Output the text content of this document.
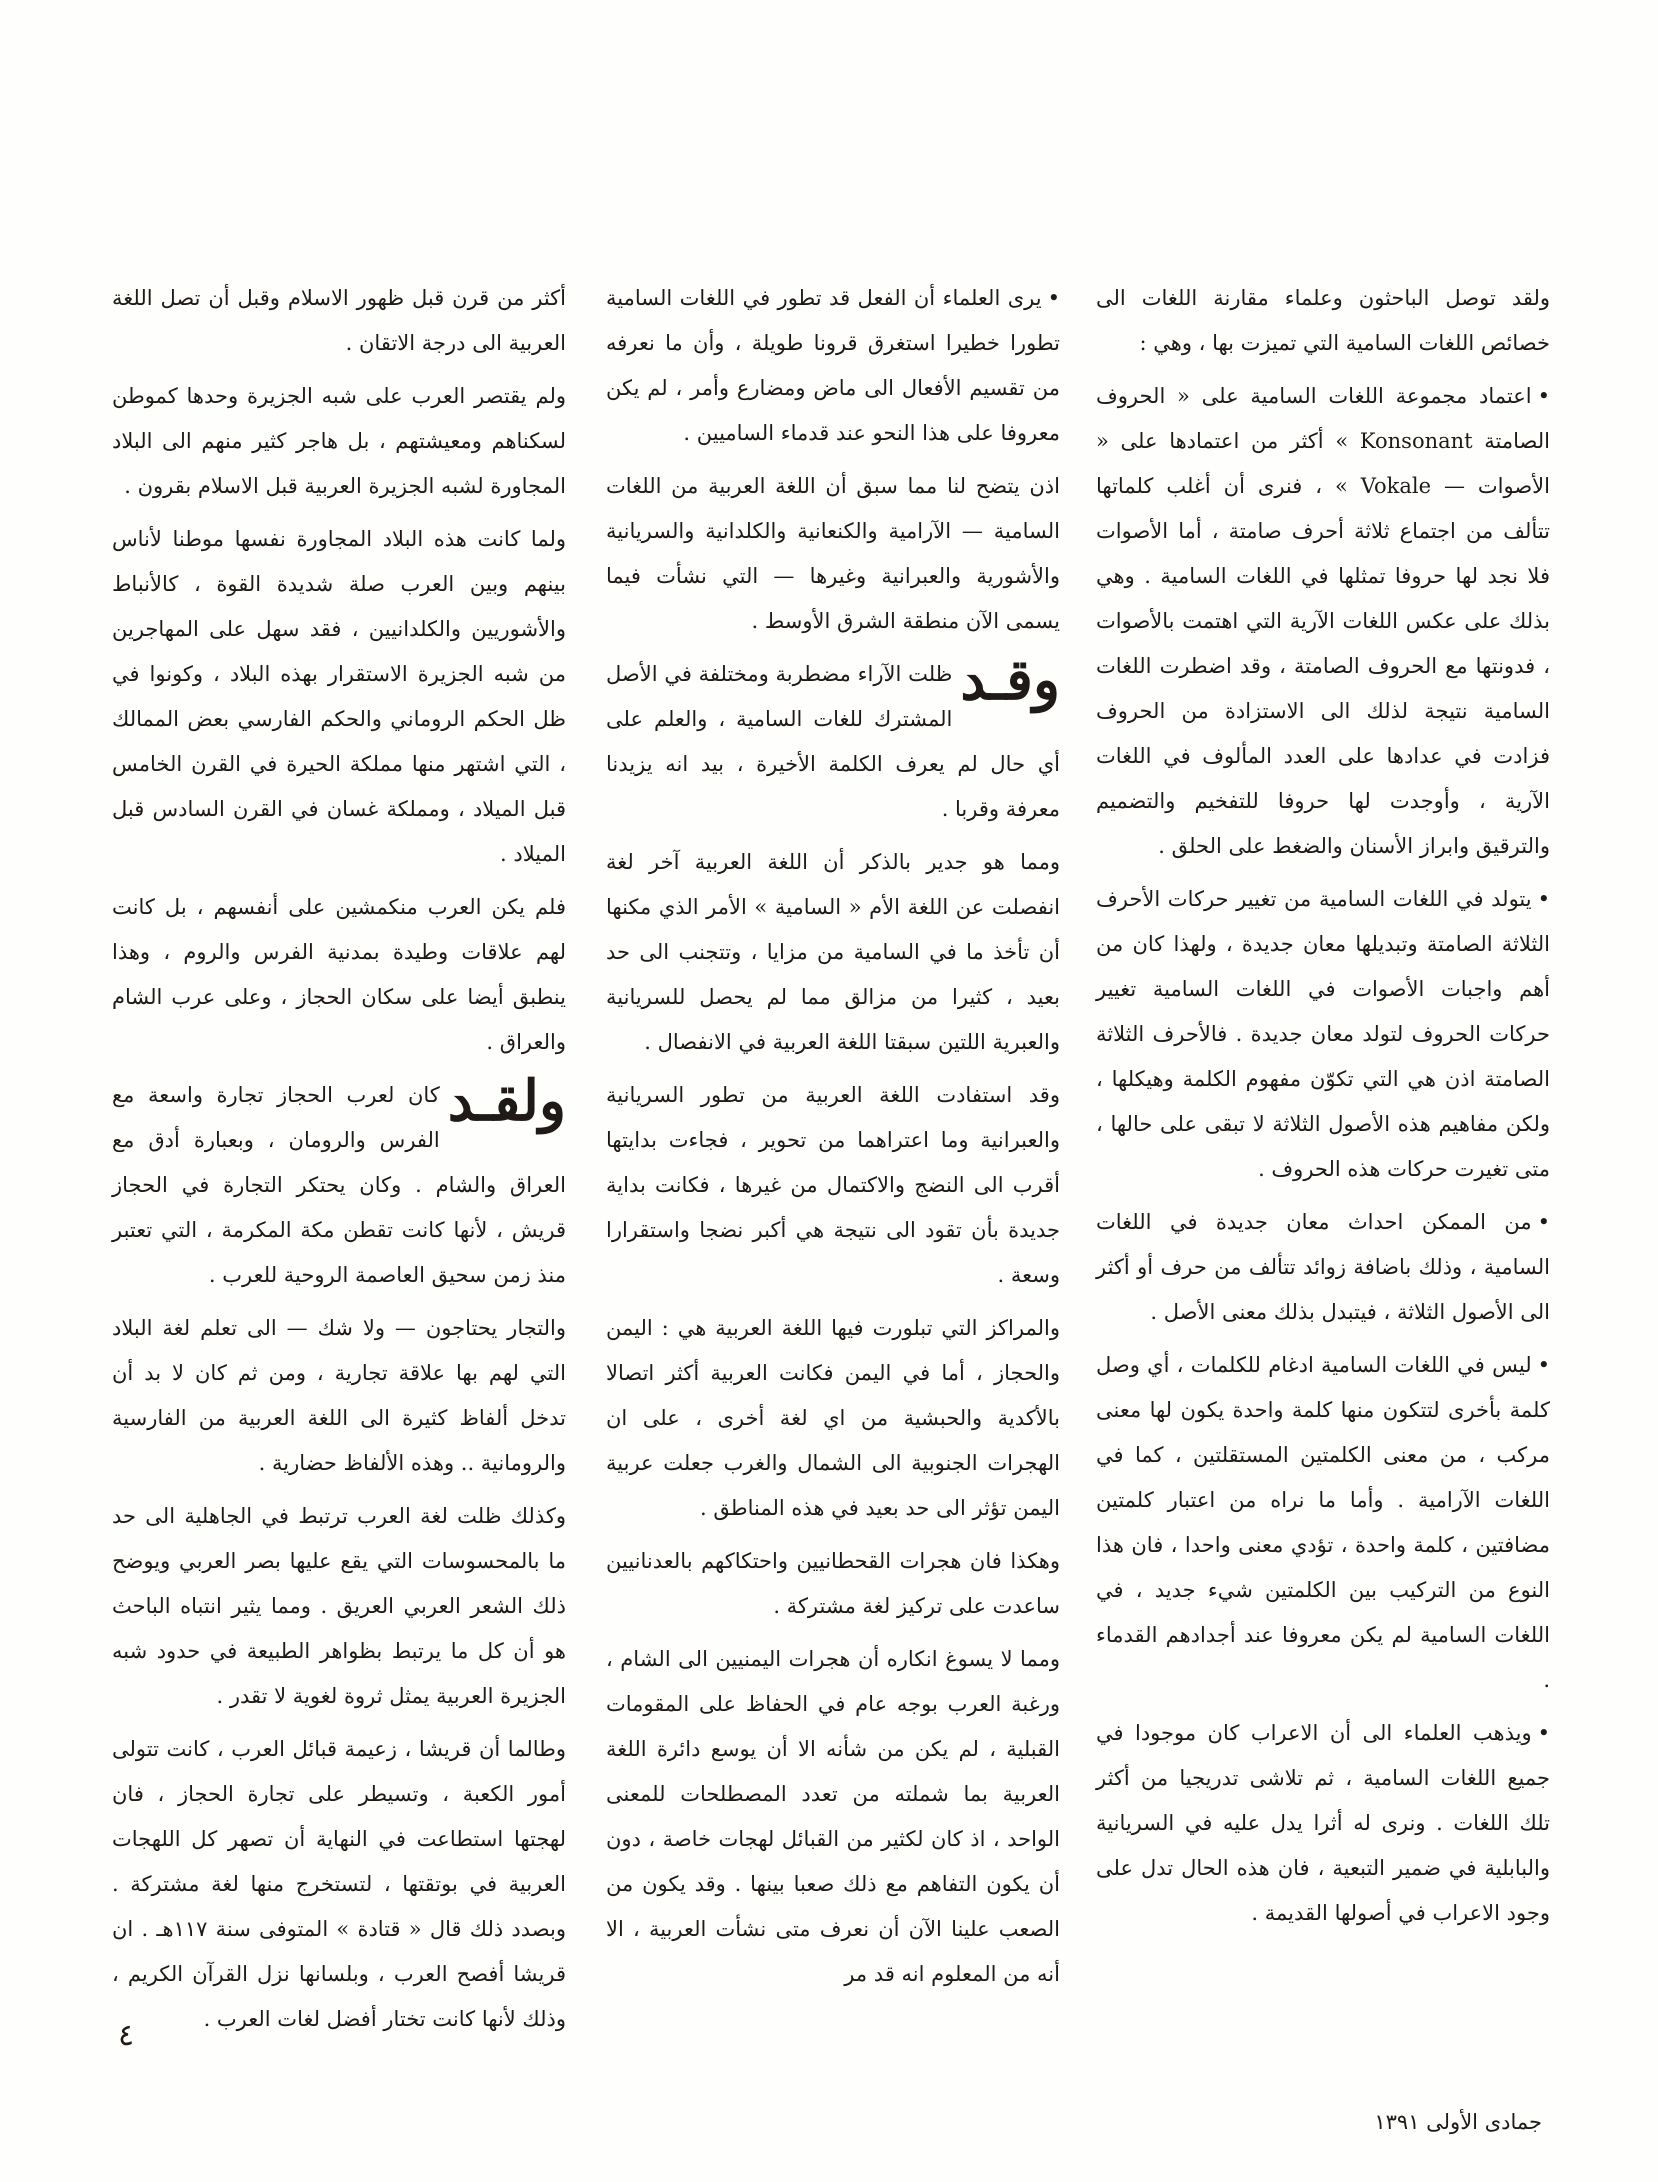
ولقد توصل الباحثون وعلماء مقارنة اللغات الى خصائص اللغات السامية التي تميزت بها ، وهي :

• اعتماد مجموعة اللغات السامية على « الحروف الصامتة Konsonant » أكثر من اعتمادها على « الأصوات — Vokale » ، فنرى أن أغلب كلماتها تتألف من اجتماع ثلاثة أحرف صامتة ، أما الأصوات فلا نجد لها حروفا تمثلها في اللغات السامية . وهي بذلك على عكس اللغات الآرية التي اهتمت بالأصوات ، فدونتها مع الحروف الصامتة ، وقد اضطرت اللغات السامية نتيجة لذلك الى الاستزادة من الحروف فزادت في عدادها على العدد المألوف في اللغات الآرية ، وأوجدت لها حروفا للتفخيم والتضميم والترقيق وابراز الأسنان والضغط على الحلق .

• يتولد في اللغات السامية من تغيير حركات الأحرف الثلاثة الصامتة وتبديلها معان جديدة ، ولهذا كان من أهم واجبات الأصوات في اللغات السامية تغيير حركات الحروف لتولد معان جديدة . فالأحرف الثلاثة الصامتة اذن هي التي تكوّن مفهوم الكلمة وهيكلها ، ولكن مفاهيم هذه الأصول الثلاثة لا تبقى على حالها ، متى تغيرت حركات هذه الحروف .

• من الممكن احداث معان جديدة في اللغات السامية ، وذلك باضافة زوائد تتألف من حرف أو أكثر الى الأصول الثلاثة ، فيتبدل بذلك معنى الأصل .

• ليس في اللغات السامية ادغام للكلمات ، أي وصل كلمة بأخرى لتتكون منها كلمة واحدة يكون لها معنى مركب ، من معنى الكلمتين المستقلتين ، كما في اللغات الآرامية . وأما ما نراه من اعتبار كلمتين مضافتين ، كلمة واحدة ، تؤدي معنى واحدا ، فان هذا النوع من التركيب بين الكلمتين شيء جديد ، في اللغات السامية لم يكن معروفا عند أجدادهم القدماء .

• ويذهب العلماء الى أن الاعراب كان موجودا في جميع اللغات السامية ، ثم تلاشى تدريجيا من أكثر تلك اللغات . ونرى له أثرا يدل عليه في السريانية والبابلية في ضمير التبعية ، فان هذه الحال تدل على وجود الاعراب في أصولها القديمة .

• يرى العلماء أن الفعل قد تطور في اللغات السامية تطورا خطيرا استغرق قرونا طويلة ، وأن ما نعرفه من تقسيم الأفعال الى ماض ومضارع وأمر ، لم يكن معروفا على هذا النحو عند قدماء الساميين .

اذن يتضح لنا مما سبق أن اللغة العربية من اللغات السامية — الآرامية والكنعانية والكلدانية والسريانية والأشورية والعبرانية وغيرها — التي نشأت فيما يسمى الآن منطقة الشرق الأوسط .

وقـد
ظلت الآراء مضطربة ومختلفة في الأصل المشترك للغات السامية ، والعلم على أي حال لم يعرف الكلمة الأخيرة ، بيد انه يزيدنا معرفة وقربا .

ومما هو جدير بالذكر أن اللغة العربية آخر لغة انفصلت عن اللغة الأم « السامية » الأمر الذي مكنها أن تأخذ ما في السامية من مزايا ، وتتجنب الى حد بعيد ، كثيرا من مزالق مما لم يحصل للسريانية والعبرية اللتين سبقتا اللغة العربية في الانفصال .

وقد استفادت اللغة العربية من تطور السريانية والعبرانية وما اعتراهما من تحوير ، فجاءت بدايتها أقرب الى النضج والاكتمال من غيرها ، فكانت بداية جديدة بأن تقود الى نتيجة هي أكبر نضجا واستقرارا وسعة .

والمراكز التي تبلورت فيها اللغة العربية هي : اليمن والحجاز ، أما في اليمن فكانت العربية أكثر اتصالا بالأكدية والحبشية من اي لغة أخرى ، على ان الهجرات الجنوبية الى الشمال والغرب جعلت عربية اليمن تؤثر الى حد بعيد في هذه المناطق .

وهكذا فان هجرات القحطانيين واحتكاكهم بالعدنانيين ساعدت على تركيز لغة مشتركة .

ومما لا يسوغ انكاره أن هجرات اليمنيين الى الشام ، ورغبة العرب بوجه عام في الحفاظ على المقومات القبلية ، لم يكن من شأنه الا أن يوسع دائرة اللغة العربية بما شملته من تعدد المصطلحات للمعنى الواحد ، اذ كان لكثير من القبائل لهجات خاصة ، دون أن يكون التفاهم مع ذلك صعبا بينها . وقد يكون من الصعب علينا الآن أن نعرف متى نشأت العربية ، الا أنه من المعلوم انه قد مر

أكثر من قرن قبل ظهور الاسلام وقبل أن تصل اللغة العربية الى درجة الاتقان .

ولم يقتصر العرب على شبه الجزيرة وحدها كموطن لسكناهم ومعيشتهم ، بل هاجر كثير منهم الى البلاد المجاورة لشبه الجزيرة العربية قبل الاسلام بقرون .

ولما كانت هذه البلاد المجاورة نفسها موطنا لأناس بينهم وبين العرب صلة شديدة القوة ، كالأنباط والأشوريين والكلدانيين ، فقد سهل على المهاجرين من شبه الجزيرة الاستقرار بهذه البلاد ، وكونوا في ظل الحكم الروماني والحكم الفارسي بعض الممالك ، التي اشتهر منها مملكة الحيرة في القرن الخامس قبل الميلاد ، ومملكة غسان في القرن السادس قبل الميلاد .

فلم يكن العرب منكمشين على أنفسهم ، بل كانت لهم علاقات وطيدة بمدنية الفرس والروم ، وهذا ينطبق أيضا على سكان الحجاز ، وعلى عرب الشام والعراق .

ولقـد
كان لعرب الحجاز تجارة واسعة مع الفرس والرومان ، وبعبارة أدق مع العراق والشام . وكان يحتكر التجارة في الحجاز قريش ، لأنها كانت تقطن مكة المكرمة ، التي تعتبر منذ زمن سحيق العاصمة الروحية للعرب .

والتجار يحتاجون — ولا شك — الى تعلم لغة البلاد التي لهم بها علاقة تجارية ، ومن ثم كان لا بد أن تدخل ألفاظ كثيرة الى اللغة العربية من الفارسية والرومانية .. وهذه الألفاظ حضارية .

وكذلك ظلت لغة العرب ترتبط في الجاهلية الى حد ما بالمحسوسات التي يقع عليها بصر العربي ويوضح ذلك الشعر العربي العريق . ومما يثير انتباه الباحث هو أن كل ما يرتبط بظواهر الطبيعة في حدود شبه الجزيرة العربية يمثل ثروة لغوية لا تقدر .

وطالما أن قريشا ، زعيمة قبائل العرب ، كانت تتولى أمور الكعبة ، وتسيطر على تجارة الحجاز ، فان لهجتها استطاعت في النهاية أن تصهر كل اللهجات العربية في بوتقتها ، لتستخرج منها لغة مشتركة . وبصدد ذلك قال « قتادة » المتوفى سنة ١١٧هـ . ان قريشا أفصح العرب ، وبلسانها نزل القرآن الكريم ، وذلك لأنها كانت تختار أفضل لغات العرب .

٤
جمادى الأولى ١٣٩١
